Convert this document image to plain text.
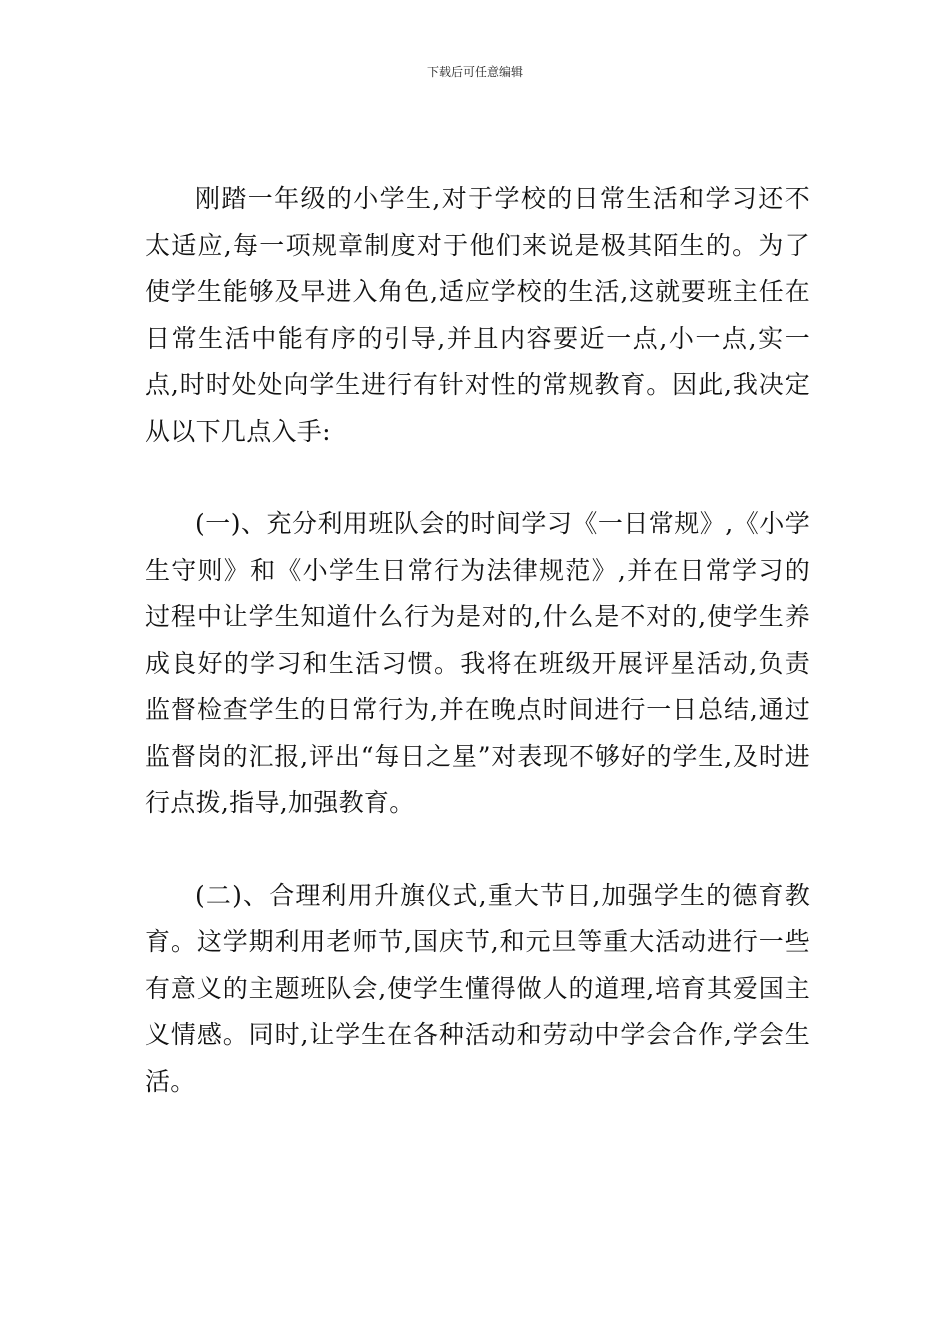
下载后可任意编辑

刚踏一年级的小学生,对于学校的日常生活和学习还不太适应,每一项规章制度对于他们来说是极其陌生的。为了使学生能够及早进入角色,适应学校的生活,这就要班主任在日常生活中能有序的引导,并且内容要近一点,小一点,实一点,时时处处向学生进行有针对性的常规教育。因此,我决定从以下几点入手:

(一)、充分利用班队会的时间学习《一日常规》,《小学生守则》和《小学生日常行为法律规范》,并在日常学习的过程中让学生知道什么行为是对的,什么是不对的,使学生养成良好的学习和生活习惯。我将在班级开展评星活动,负责监督检查学生的日常行为,并在晚点时间进行一日总结,通过监督岗的汇报,评出“每日之星”对表现不够好的学生,及时进行点拨,指导,加强教育。

(二)、合理利用升旗仪式,重大节日,加强学生的德育教育。这学期利用老师节,国庆节,和元旦等重大活动进行一些有意义的主题班队会,使学生懂得做人的道理,培育其爱国主义情感。同时,让学生在各种活动和劳动中学会合作,学会生活。
